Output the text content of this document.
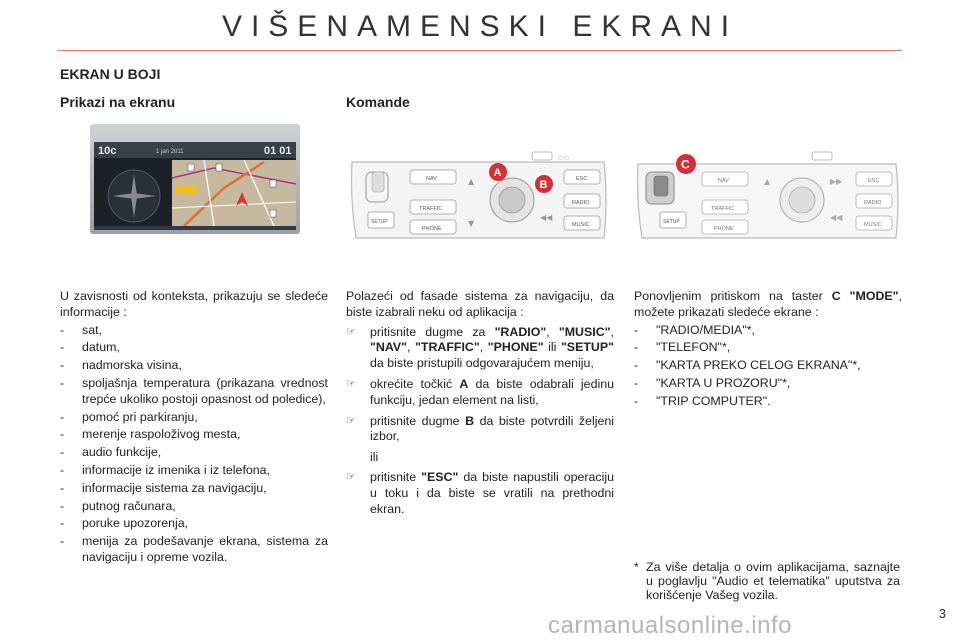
VIŠENAMENSKI EKRANI
EKRAN U BOJI
Prikazi na ekranu	Komande
10c	1 jan 2011	01 01
▢ ▢
SETUP
NAV
TRAFFIC
PHONE
▲
▼
◀◀
ESC
RADIO
MUSIC
A
B
SETUP
NAV
TRAFFIC
PHONE
▲	▶▶
◀◀
ESC
RADIO
MUSIC
C

U zavisnosti od konteksta, prikazuju se sledeće informacije :

- sat,
- datum,
- nadmorska visina,
- spoljašnja temperatura (prikazana vrednost trepće ukoliko postoji opasnost od poledice),
- pomoć pri parkiranju,
- merenje raspoloživog mesta,
- audio funkcije,
- informacije iz imenika i iz telefona,
- informacije sistema za navigaciju,
- putnog računara,
- poruke upozorenja,
- menija za podešavanje ekrana, sistema za navigaciju i opreme vozila.

Polazeći od fasade sistema za navigaciju, da biste izabrali neku od aplikacija :

☞ pritisnite dugme za "RADIO", "MUSIC", "NAV", "TRAFFIC", "PHONE" ili "SETUP" da biste pristupili odgovarajućem meniju,
☞ okrećite točkić A da biste odabrali jedinu funkciju, jedan element na listi,
☞ pritisnite dugme B da biste potvrdili željeni izbor,
ili
☞ pritisnite "ESC" da biste napustili operaciju u toku i da biste se vratili na prethodni ekran.

Ponovljenim pritiskom na taster C "MODE", možete prikazati sledeće ekrane :

- "RADIO/MEDIA"*,
- "TELEFON"*,
- "KARTA PREKO CELOG EKRANA"*,
- "KARTA U PROZORU"*,
- "TRIP COMPUTER".
* Za više detalja o ovim aplikacijama, saznajte u poglavlju "Audio et telematika" uputstva za korišćenje Vašeg vozila.
3
carmanualsonline.info
